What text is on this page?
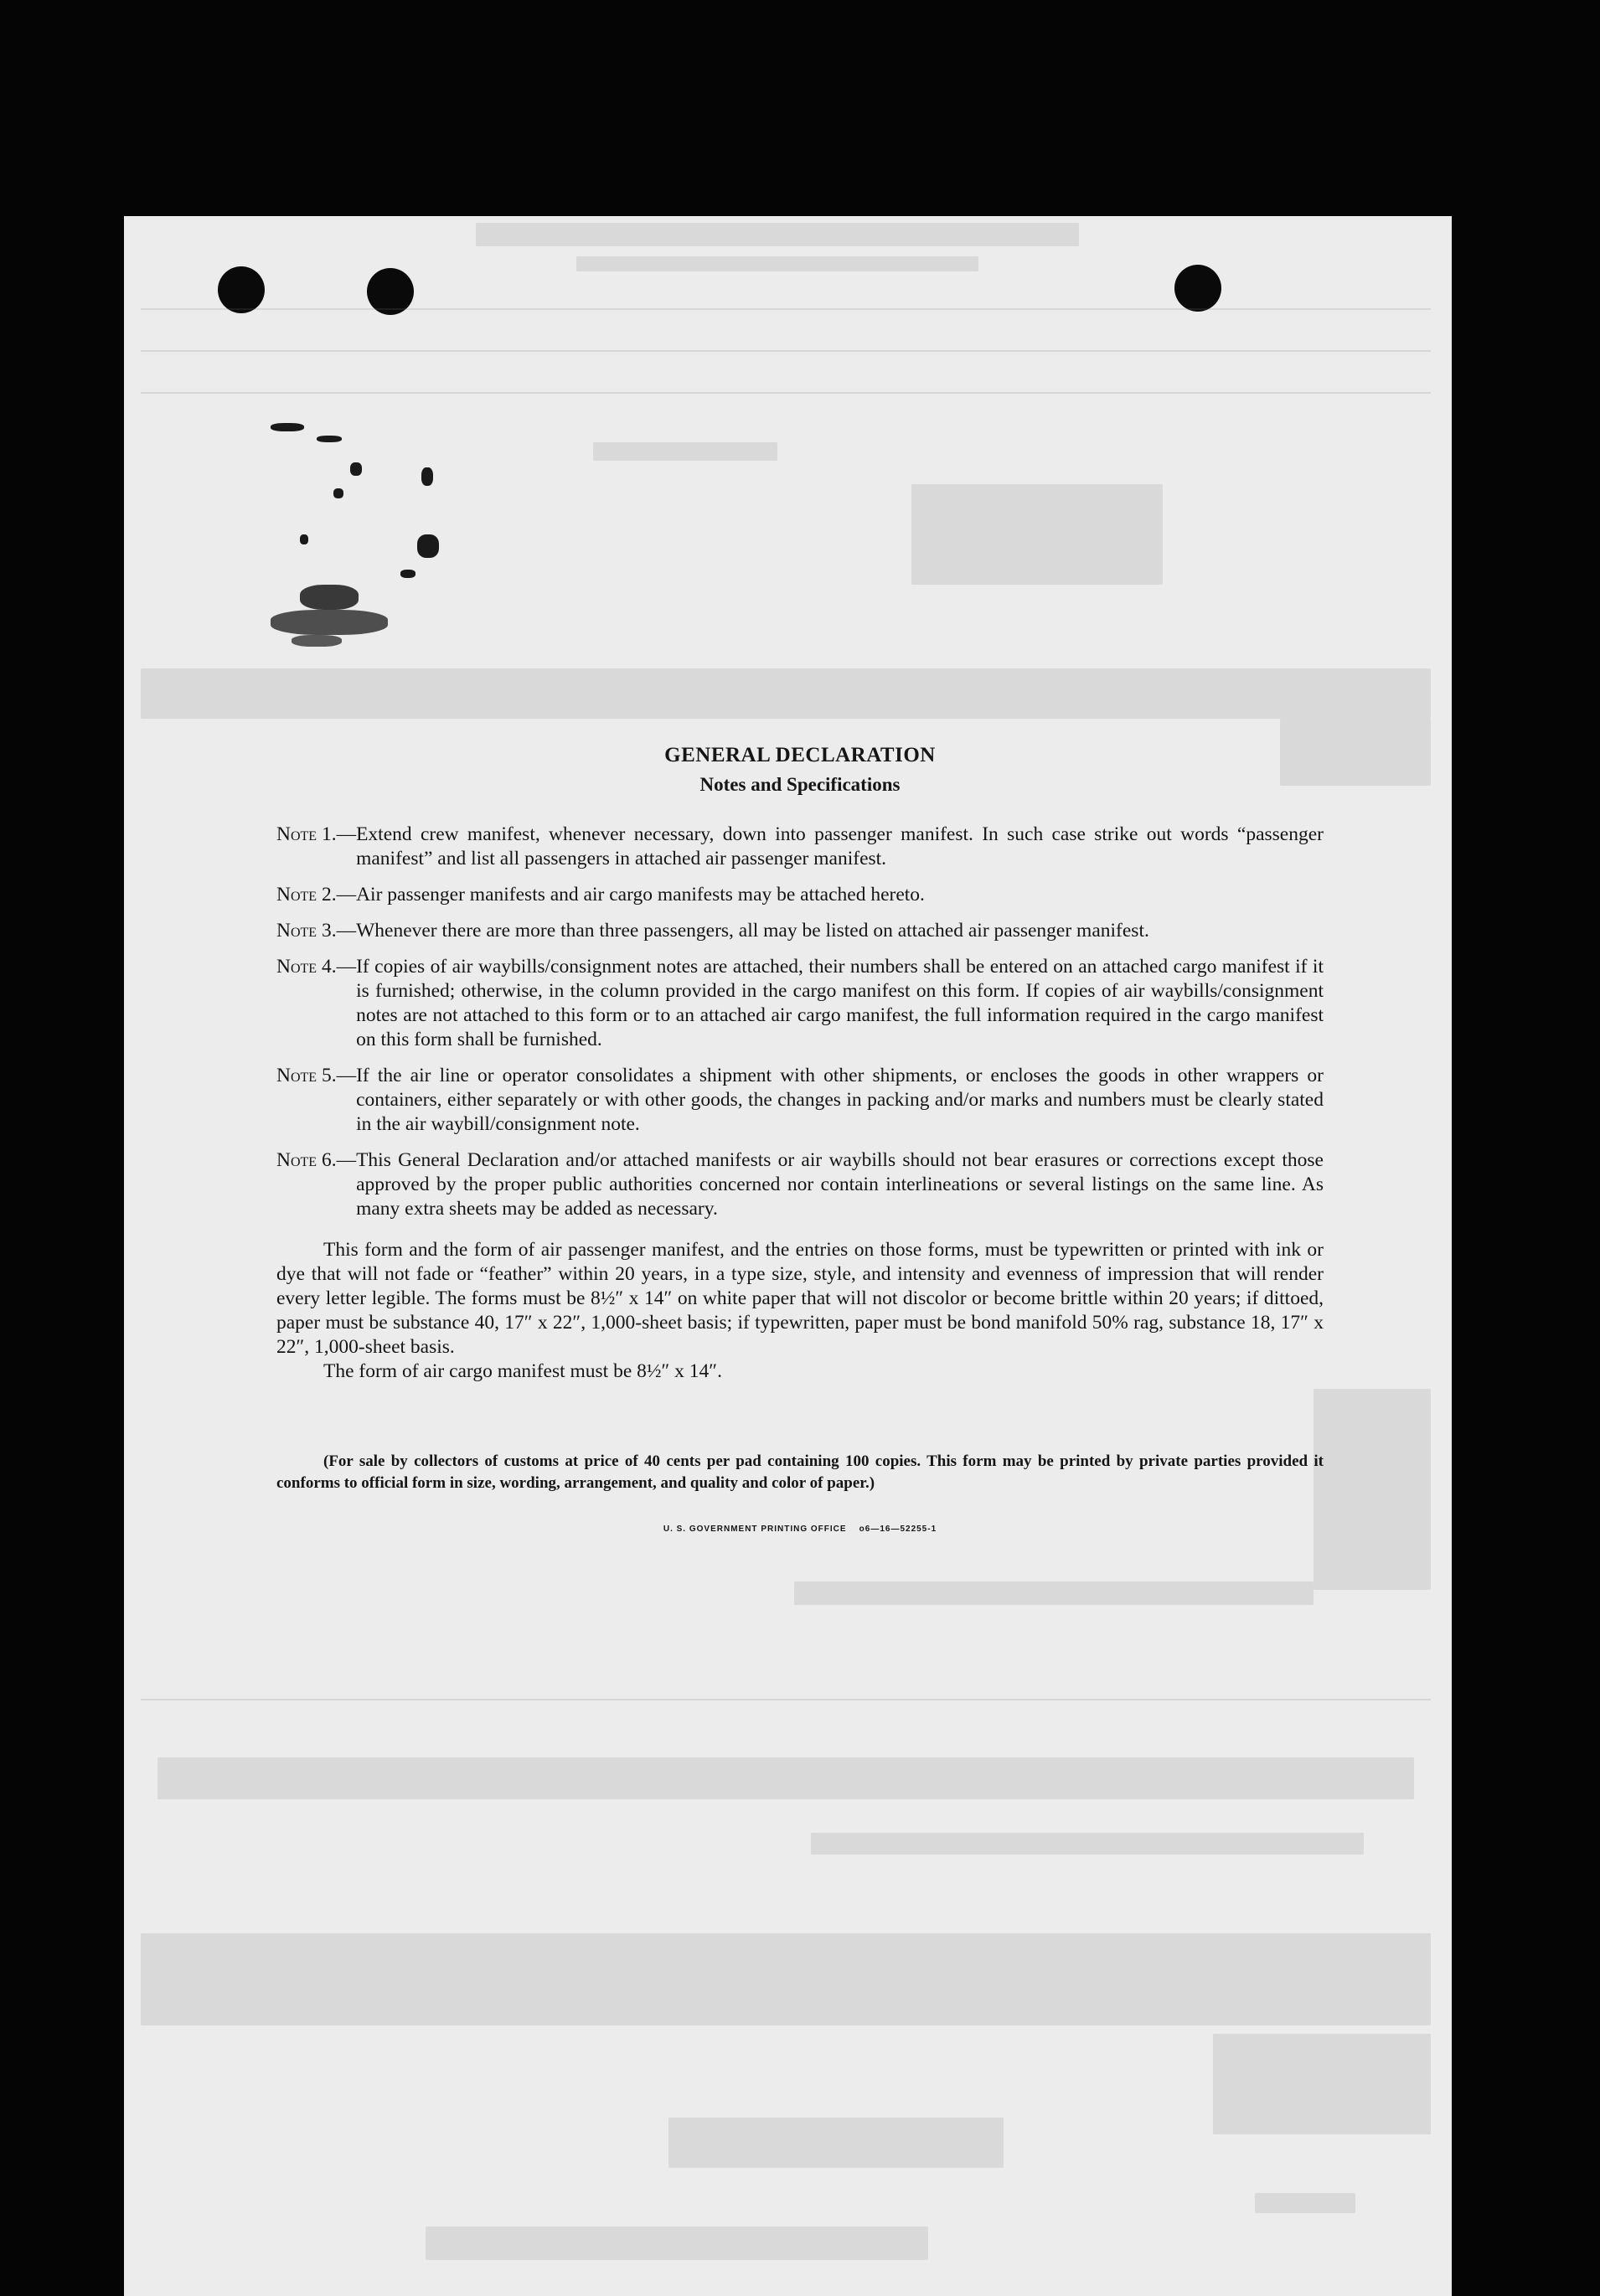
GENERAL DECLARATION
Notes and Specifications
Note 1. — Extend crew manifest, whenever necessary, down into passenger manifest. In such case strike out words “passenger manifest” and list all passengers in attached air passenger manifest.
Note 2. — Air passenger manifests and air cargo manifests may be attached hereto.
Note 3. — Whenever there are more than three passengers, all may be listed on attached air passenger manifest.
Note 4. — If copies of air waybills/consignment notes are attached, their numbers shall be entered on an attached cargo manifest if it is furnished; otherwise, in the column provided in the cargo manifest on this form. If copies of air waybills/consignment notes are not attached to this form or to an attached air cargo manifest, the full information required in the cargo manifest on this form shall be furnished.
Note 5. — If the air line or operator consolidates a shipment with other shipments, or encloses the goods in other wrappers or containers, either separately or with other goods, the changes in packing and/or marks and numbers must be clearly stated in the air waybill/consignment note.
Note 6. — This General Declaration and/or attached manifests or air waybills should not bear erasures or corrections except those approved by the proper public authorities concerned nor contain interlineations or several listings on the same line. As many extra sheets may be added as necessary.

This form and the form of air passenger manifest, and the entries on those forms, must be typewritten or printed with ink or dye that will not fade or “feather” within 20 years, in a type size, style, and intensity and evenness of impression that will render every letter legible. The forms must be 8½″ x 14″ on white paper that will not discolor or become brittle within 20 years; if dittoed, paper must be substance 40, 17″ x 22″, 1,000-sheet basis; if typewritten, paper must be bond manifold 50% rag, substance 18, 17″ x 22″, 1,000-sheet basis.

The form of air cargo manifest must be 8½″ x 14″.

(For sale by collectors of customs at price of 40 cents per pad containing 100 copies. This form may be printed by private parties provided it conforms to official form in size, wording, arrangement, and quality and color of paper.)

U. S. GOVERNMENT PRINTING OFFICE    o6—16—52255-1
